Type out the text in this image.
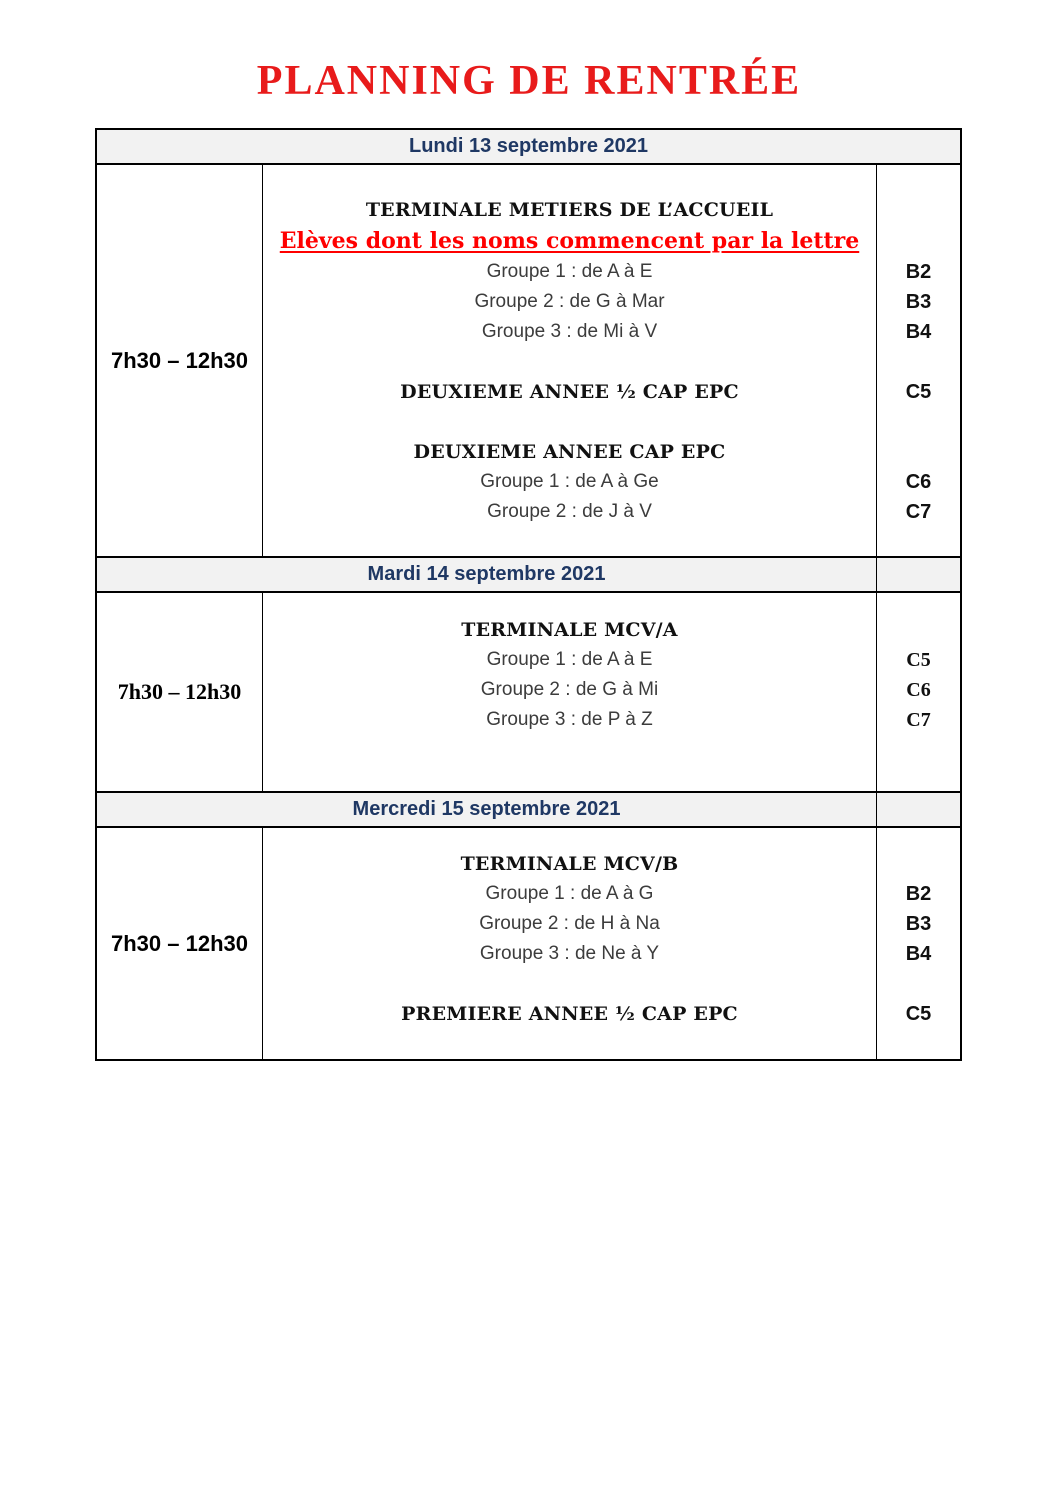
PLANNING DE RENTRÉE
Lundi 13 septembre 2021
7h30 – 12h30
TERMINALE METIERS DE L’ACCUEIL
Elèves dont les noms commencent par la lettre
Groupe 1 : de A à E
Groupe 2 : de G à Mar
Groupe 3 : de Mi à V
DEUXIEME ANNEE ½ CAP EPC
DEUXIEME ANNEE CAP EPC
Groupe 1 : de A à Ge
Groupe 2 : de J à V
B2
B3
B4
C5
C6
C7
Mardi 14 septembre 2021
7h30 – 12h30
TERMINALE MCV/A
Groupe 1 : de A à E
Groupe 2 : de G à Mi
Groupe 3 : de P à Z
C5
C6
C7
Mercredi 15 septembre 2021
7h30 – 12h30
TERMINALE MCV/B
Groupe 1 : de A à G
Groupe 2 : de H à Na
Groupe 3 : de Ne à Y
PREMIERE ANNEE ½ CAP EPC
B2
B3
B4
C5
